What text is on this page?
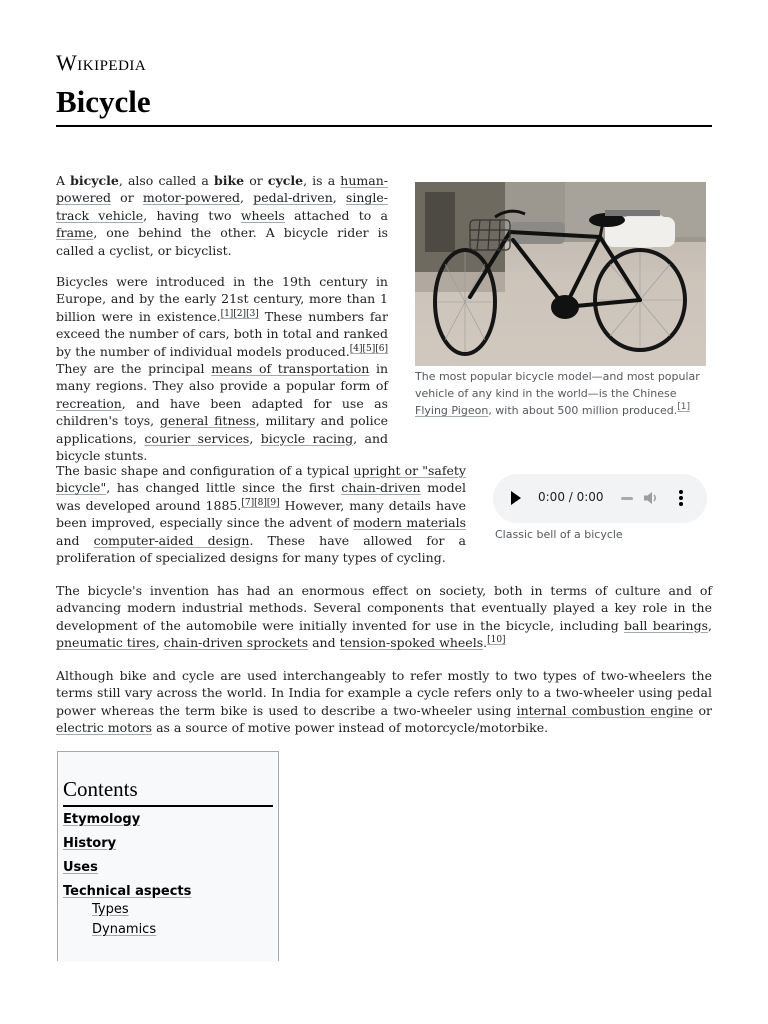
Wikipedia
Bicycle

A bicycle, also called a bike or cycle, is a human-powered or motor-powered, pedal-driven, single-track vehicle, having two wheels attached to a frame, one behind the other. A bicycle rider is called a cyclist, or bicyclist.

Bicycles were introduced in the 19th century in Europe, and by the early 21st century, more than 1 billion were in existence.[1][2][3] These numbers far exceed the number of cars, both in total and ranked by the number of individual models produced.[4][5][6] They are the principal means of transportation in many regions. They also provide a popular form of recreation, and have been adapted for use as children's toys, general fitness, military and police applications, courier services, bicycle racing, and bicycle stunts.

The basic shape and configuration of a typical upright or "safety bicycle", has changed little since the first chain-driven model was developed around 1885.[7][8][9] However, many details have been improved, especially since the advent of modern materials and computer-aided design. These have allowed for a proliferation of specialized designs for many types of cycling.

The bicycle's invention has had an enormous effect on society, both in terms of culture and of advancing modern industrial methods. Several components that eventually played a key role in the development of the automobile were initially invented for use in the bicycle, including ball bearings, pneumatic tires, chain-driven sprockets and tension-spoked wheels.[10]

Although bike and cycle are used interchangeably to refer mostly to two types of two-wheelers the terms still vary across the world. In India for example a cycle refers only to a two-wheeler using pedal power whereas the term bike is used to describe a two-wheeler using internal combustion engine or electric motors as a source of motive power instead of motorcycle/motorbike.

The most popular bicycle model—and most popular vehicle of any kind in the world—is the Chinese Flying Pigeon, with about 500 million produced.[1]
0:00 / 0:00
Classic bell of a bicycle
Contents
Etymology
History
Uses
Technical aspects
Types
Dynamics
